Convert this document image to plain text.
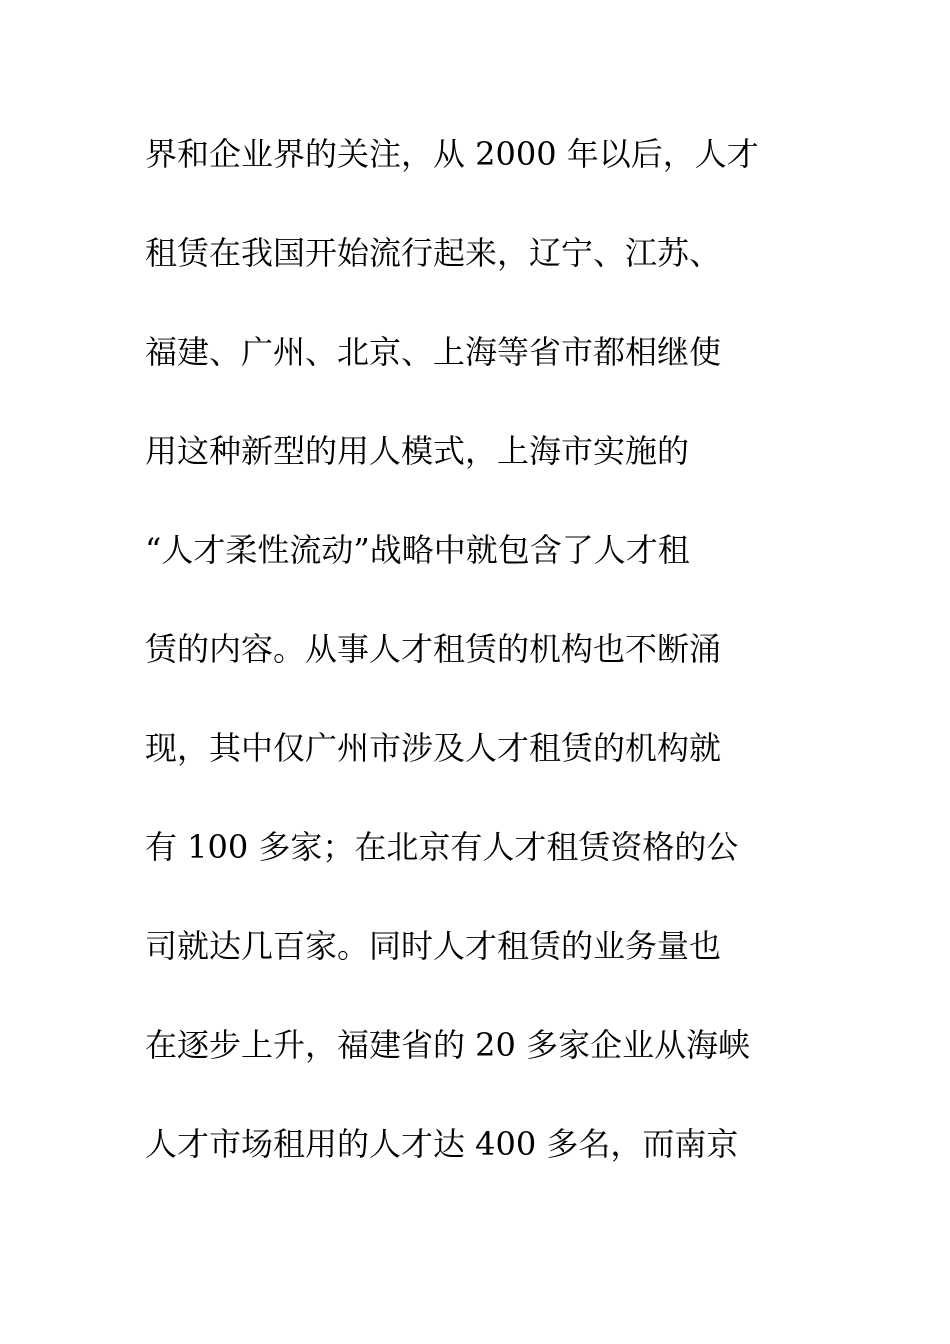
界和企业界的关注，从 2000 年以后，人才
租赁在我国开始流行起来，辽宁、江苏、
福建、广州、北京、上海等省市都相继使
用这种新型的用人模式，上海市实施的
“人才柔性流动”战略中就包含了人才租
赁的内容。从事人才租赁的机构也不断涌
现，其中仅广州市涉及人才租赁的机构就
有 100 多家；在北京有人才租赁资格的公
司就达几百家。同时人才租赁的业务量也
在逐步上升，福建省的 20 多家企业从海峡
人才市场租用的人才达 400 多名，而南京
